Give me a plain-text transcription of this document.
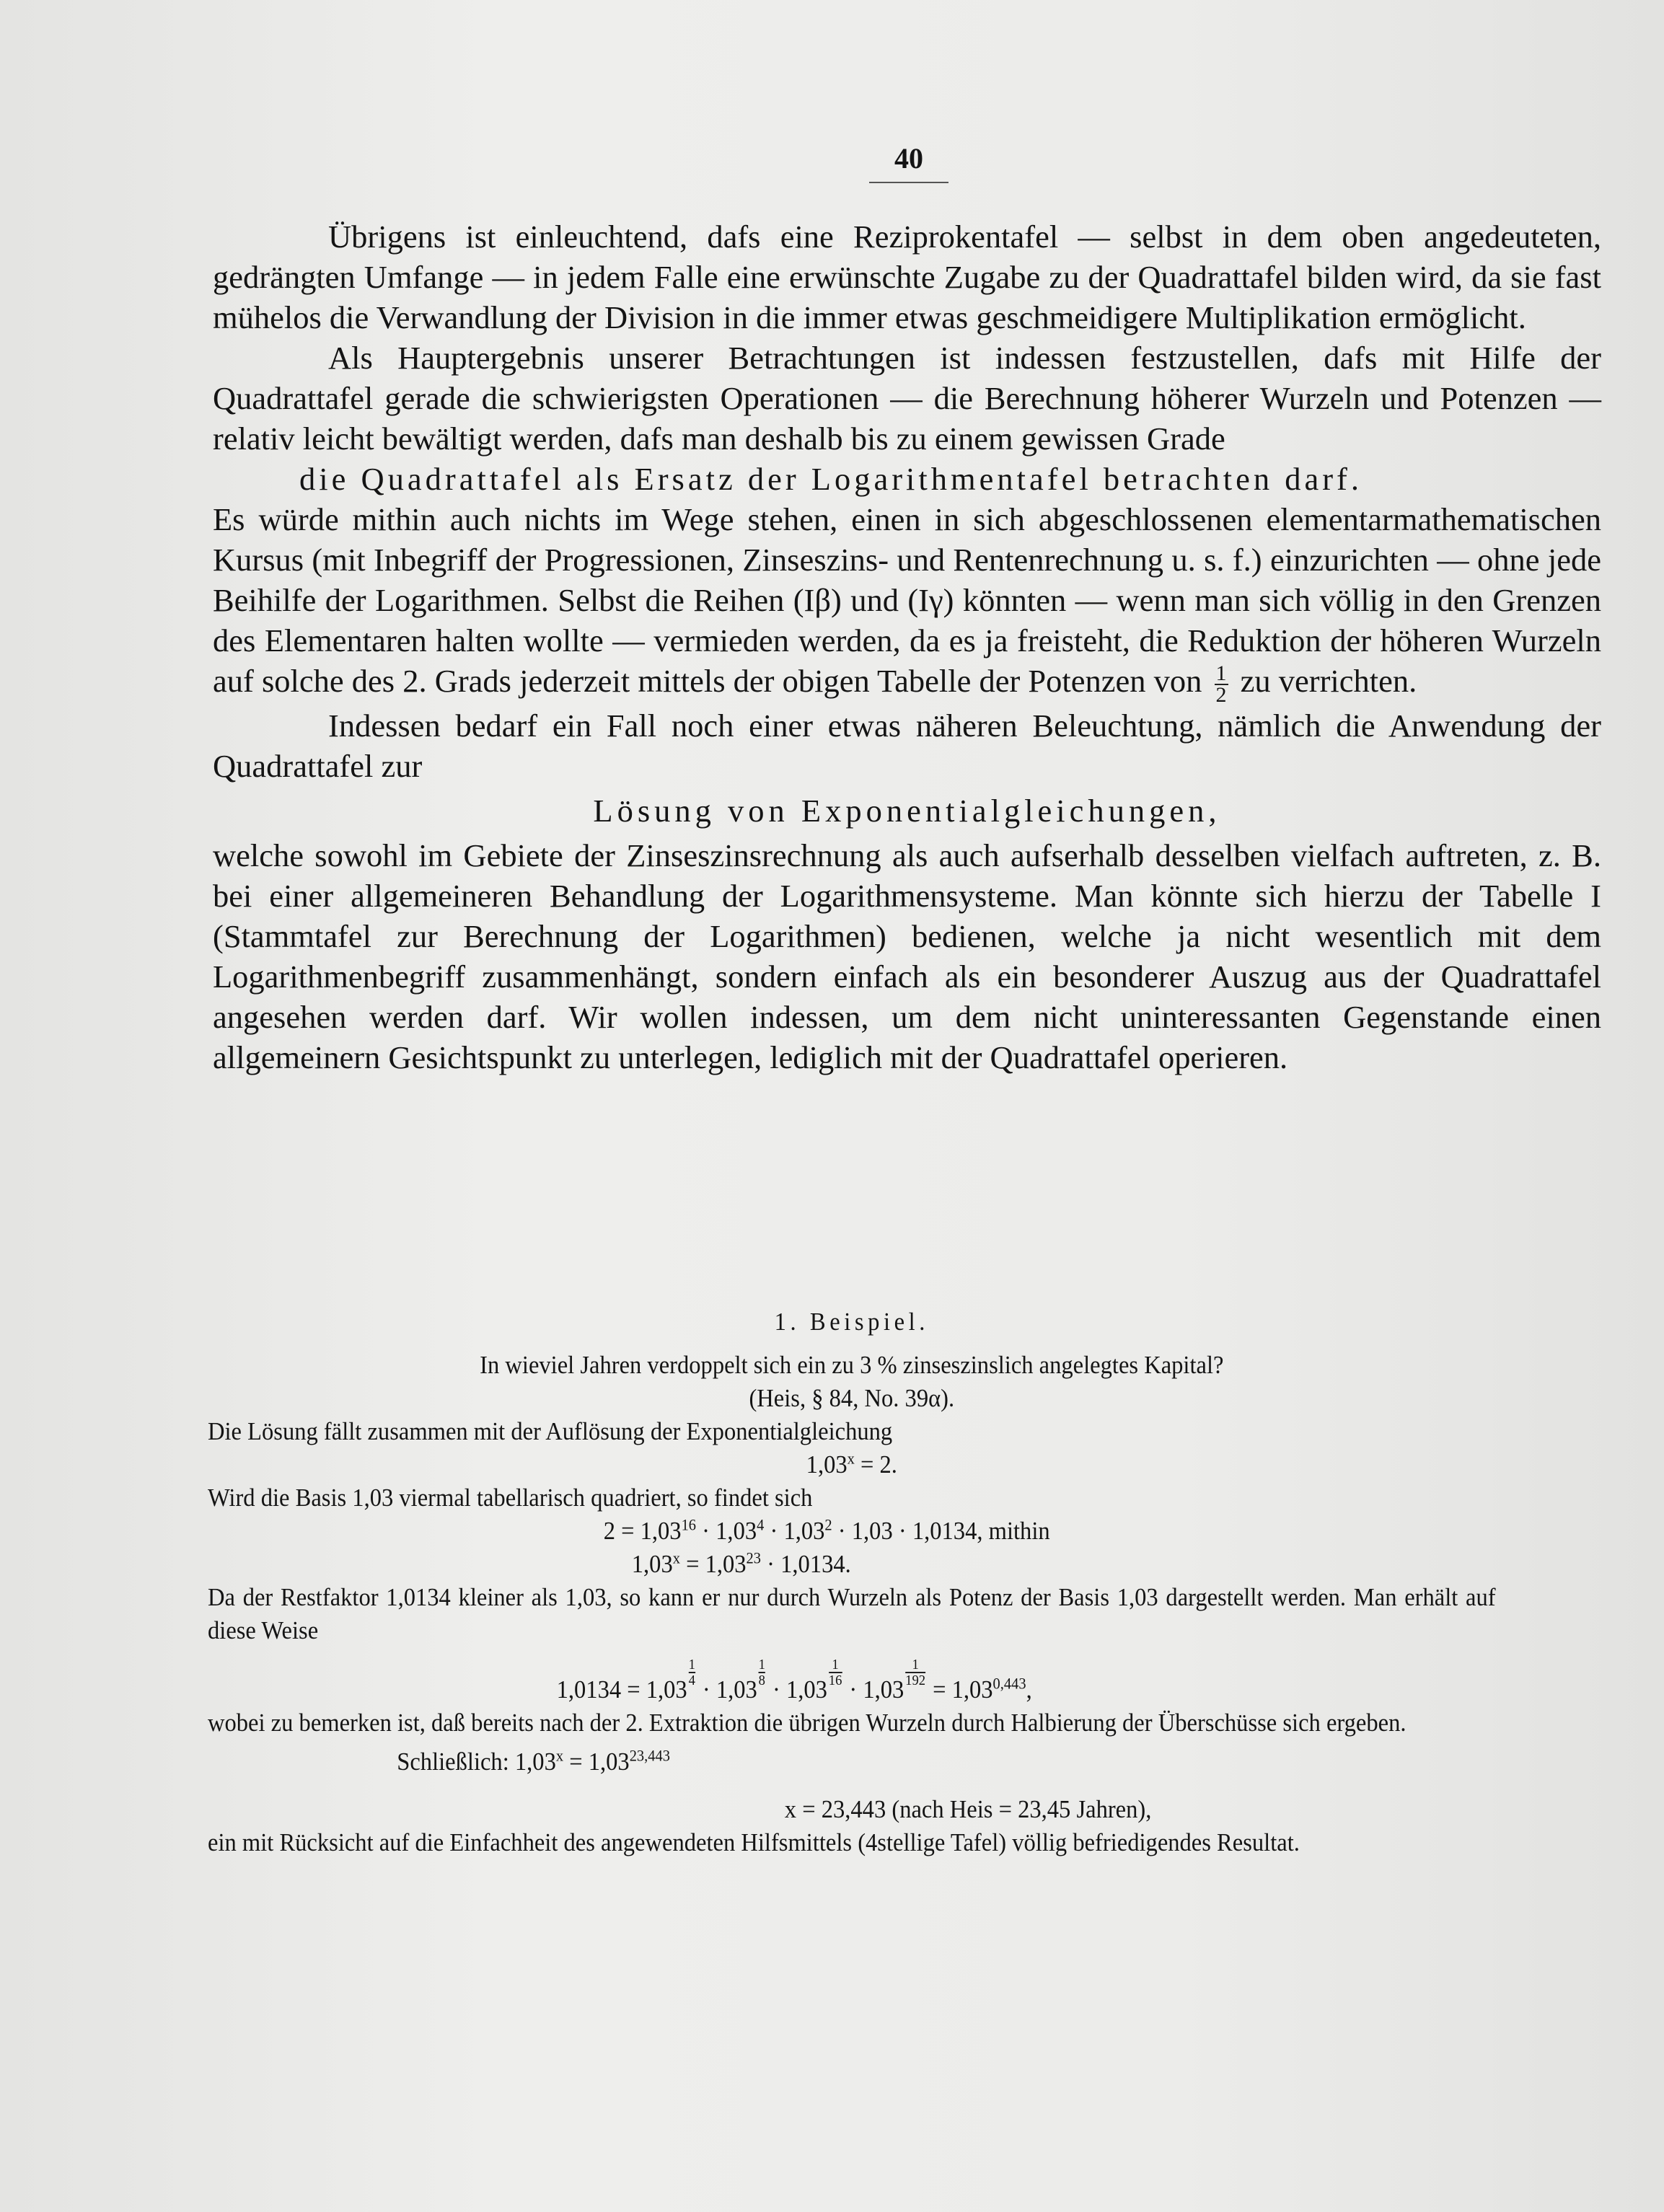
40

Übrigens ist einleuchtend, dafs eine Reziprokentafel — selbst in dem oben angedeuteten, gedrängten Umfange — in jedem Falle eine erwünschte Zugabe zu der Quadrattafel bilden wird, da sie fast mühelos die Verwandlung der Division in die immer etwas geschmeidigere Multiplikation ermöglicht.

Als Hauptergebnis unserer Betrachtungen ist indessen festzustellen, dafs mit Hilfe der Quadrattafel gerade die schwierigsten Operationen — die Berechnung höherer Wurzeln und Potenzen — relativ leicht bewältigt werden, dafs man deshalb bis zu einem gewissen Grade

die Quadrattafel als Ersatz der Logarithmentafel betrachten darf.

Es würde mithin auch nichts im Wege stehen, einen in sich abgeschlossenen elementarmathematischen Kursus (mit Inbegriff der Progressionen, Zinseszins- und Rentenrechnung u. s. f.) einzurichten — ohne jede Beihilfe der Logarithmen. Selbst die Reihen (Iβ) und (Iγ) könnten — wenn man sich völlig in den Grenzen des Elementaren halten wollte — vermieden werden, da es ja freisteht, die Reduktion der höheren Wurzeln auf solche des 2. Grads jederzeit mittels der obigen Tabelle der Potenzen von $\frac{1}{2}$ zu verrichten.

Indessen bedarf ein Fall noch einer etwas näheren Beleuchtung, nämlich die Anwendung der Quadrattafel zur

Lösung von Exponentialgleichungen,

welche sowohl im Gebiete der Zinseszinsrechnung als auch aufserhalb desselben vielfach auftreten, z. B. bei einer allgemeineren Behandlung der Logarithmensysteme. Man könnte sich hierzu der Tabelle I (Stammtafel zur Berechnung der Logarithmen) bedienen, welche ja nicht wesentlich mit dem Logarithmenbegriff zusammenhängt, sondern einfach als ein besonderer Auszug aus der Quadrattafel angesehen werden darf. Wir wollen indessen, um dem nicht uninteressanten Gegenstande einen allgemeinern Gesichtspunkt zu unterlegen, lediglich mit der Quadrattafel operieren.

1. Beispiel.

In wieviel Jahren verdoppelt sich ein zu 3 % zinseszinslich angelegtes Kapital?

(Heis, § 84, No. 39α).

Die Lösung fällt zusammen mit der Auflösung der Exponentialgleichung

$1,03^x = 2$.

Wird die Basis 1,03 viermal tabellarisch quadriert, so findet sich

$2 = 1,03^{16} \cdot 1,03^4 \cdot 1,03^2 \cdot 1,03 \cdot 1,0134$, mithin

$1,03^x = 1,03^{23} \cdot 1,0134$.

Da der Restfaktor 1,0134 kleiner als 1,03, so kann er nur durch Wurzeln als Potenz der Basis 1,03 dargestellt werden. Man erhält auf diese Weise

1,0134 = 1,03
$\frac{1}{4}$
· 1,03
$\frac{1}{8}$
· 1,03
$\frac{1}{16}$
· 1,03
$\frac{1}{192}$
= $1,03^{0,443}$,

wobei zu bemerken ist, daß bereits nach der 2. Extraktion die übrigen Wurzeln durch Halbierung der Überschüsse sich ergeben.

Schließlich: $1,03^x = 1,03^{23,443}$

x = 23,443 (nach Heis = 23,45 Jahren),

ein mit Rücksicht auf die Einfachheit des angewendeten Hilfsmittels (4stellige Tafel) völlig befriedigendes Resultat.
